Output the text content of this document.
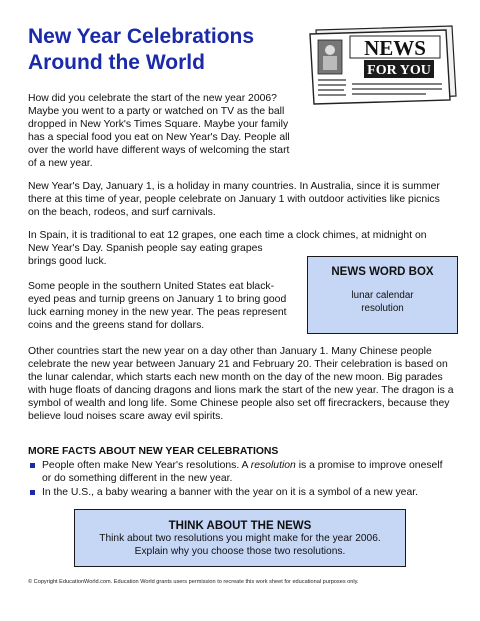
New Year Celebrations
Around the World
NEWS
FOR YOU

How did you celebrate the start of the new year 2006? Maybe you went to a party or watched on TV as the ball dropped in New York's Times Square. Maybe your family has a special food you eat on New Year's Day. People all over the world have different ways of welcoming the start of a new year.

New Year's Day, January 1, is a holiday in many countries. In Australia, since it is summer there at this time of year, people celebrate on January 1 with outdoor activities like picnics on the beach, rodeos, and surf carnivals.

In Spain, it is traditional to eat 12 grapes, one each time a clock chimes, at midnight on

New Year's Day. Spanish people say eating grapes

brings good luck.

NEWS WORD BOX
lunar calendar
resolution

Some people in the southern United States eat black-eyed peas and turnip greens on January 1 to bring good luck earning money in the new year. The peas represent coins and the greens stand for dollars.

Other countries start the new year on a day other than January 1. Many Chinese people celebrate the new year between January 21 and February 20. Their celebration is based on the lunar calendar, which starts each new month on the day of the new moon. Big parades with huge floats of dancing dragons and lions mark the start of the new year. The dragon is a symbol of wealth and long life. Some Chinese people also set off firecrackers, because they believe loud noises scare away evil spirits.

MORE FACTS ABOUT NEW YEAR CELEBRATIONS

People often make New Year's resolutions. A resolution is a promise to improve oneself or do something different in the new year.
In the U.S., a baby wearing a banner with the year on it is a symbol of a new year.
THINK ABOUT THE NEWS
Think about two resolutions you might make for the year 2006.
Explain why you choose those two resolutions.

© Copyright EducationWorld.com. Education World grants users permission to recreate this work sheet for educational purposes only.
